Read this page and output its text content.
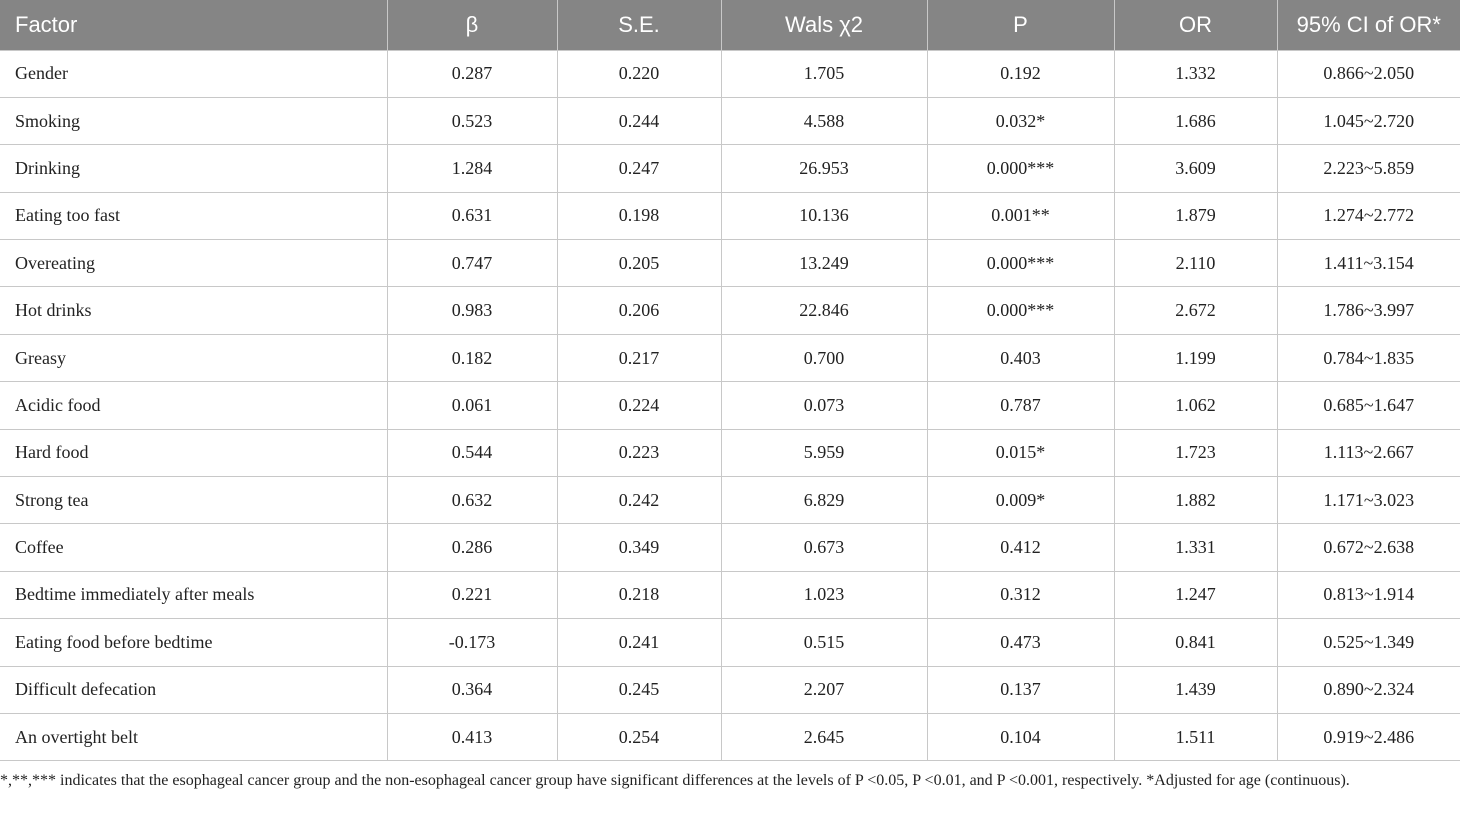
Factor	β	S.E.	Wals χ2	P	OR	95% CI of OR*
Gender	0.287	0.220	1.705	0.192	1.332	0.866~2.050
Smoking	0.523	0.244	4.588	0.032*	1.686	1.045~2.720
Drinking	1.284	0.247	26.953	0.000***	3.609	2.223~5.859
Eating too fast	0.631	0.198	10.136	0.001**	1.879	1.274~2.772
Overeating	0.747	0.205	13.249	0.000***	2.110	1.411~3.154
Hot drinks	0.983	0.206	22.846	0.000***	2.672	1.786~3.997
Greasy	0.182	0.217	0.700	0.403	1.199	0.784~1.835
Acidic food	0.061	0.224	0.073	0.787	1.062	0.685~1.647
Hard food	0.544	0.223	5.959	0.015*	1.723	1.113~2.667
Strong tea	0.632	0.242	6.829	0.009*	1.882	1.171~3.023
Coffee	0.286	0.349	0.673	0.412	1.331	0.672~2.638
Bedtime immediately after meals	0.221	0.218	1.023	0.312	1.247	0.813~1.914
Eating food before bedtime	-0.173	0.241	0.515	0.473	0.841	0.525~1.349
Difficult defecation	0.364	0.245	2.207	0.137	1.439	0.890~2.324
An overtight belt	0.413	0.254	2.645	0.104	1.511	0.919~2.486

*,**,*** indicates that the esophageal cancer group and the non-esophageal cancer group have significant differences at the levels of P <0.05, P <0.01, and P <0.001, respectively. *Adjusted for age (continuous).
